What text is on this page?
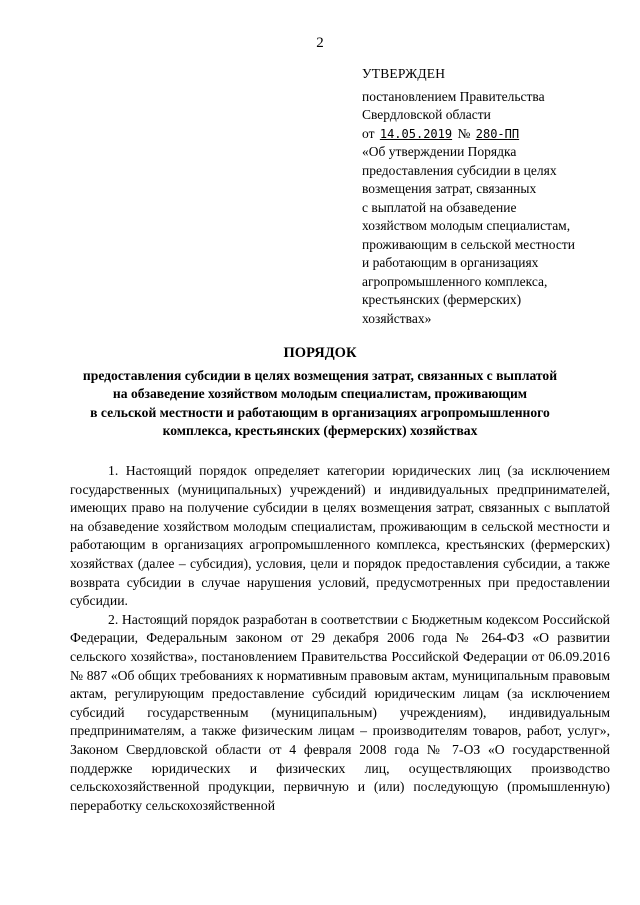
2
УТВЕРЖДЕН
постановлением Правительства
Свердловской области
от 14.05.2019 № 280-ПП
«Об утверждении Порядка
предоставления субсидии в целях
возмещения затрат, связанных
с выплатой на обзаведение
хозяйством молодым специалистам,
проживающим в сельской местности
и работающим в организациях
агропромышленного комплекса,
крестьянских (фермерских)
хозяйствах»
ПОРЯДОК
предоставления субсидии в целях возмещения затрат, связанных с выплатой
на обзаведение хозяйством молодым специалистам, проживающим
в сельской местности и работающим в организациях агропромышленного
комплекса, крестьянских (фермерских) хозяйствах

1. Настоящий порядок определяет категории юридических лиц (за исключением государственных (муниципальных) учреждений) и индивидуальных предпринимателей, имеющих право на получение субсидии в целях возмещения затрат, связанных с выплатой на обзаведение хозяйством молодым специалистам, проживающим в сельской местности и работающим в организациях агропромышленного комплекса, крестьянских (фермерских) хозяйствах (далее – субсидия), условия, цели и порядок предоставления субсидии, а также возврата субсидии в случае нарушения условий, предусмотренных при предоставлении субсидии.

2. Настоящий порядок разработан в соответствии с Бюджетным кодексом Российской Федерации, Федеральным законом от 29 декабря 2006 года № 264-ФЗ «О развитии сельского хозяйства», постановлением Правительства Российской Федерации от 06.09.2016 № 887 «Об общих требованиях к нормативным правовым актам, муниципальным правовым актам, регулирующим предоставление субсидий юридическим лицам (за исключением субсидий государственным (муниципальным) учреждениям), индивидуальным предпринимателям, а также физическим лицам – производителям товаров, работ, услуг», Законом Свердловской области от 4 февраля 2008 года № 7-ОЗ «О государственной поддержке юридических и физических лиц, осуществляющих производство сельскохозяйственной продукции, первичную и (или) последующую (промышленную) переработку сельскохозяйственной
